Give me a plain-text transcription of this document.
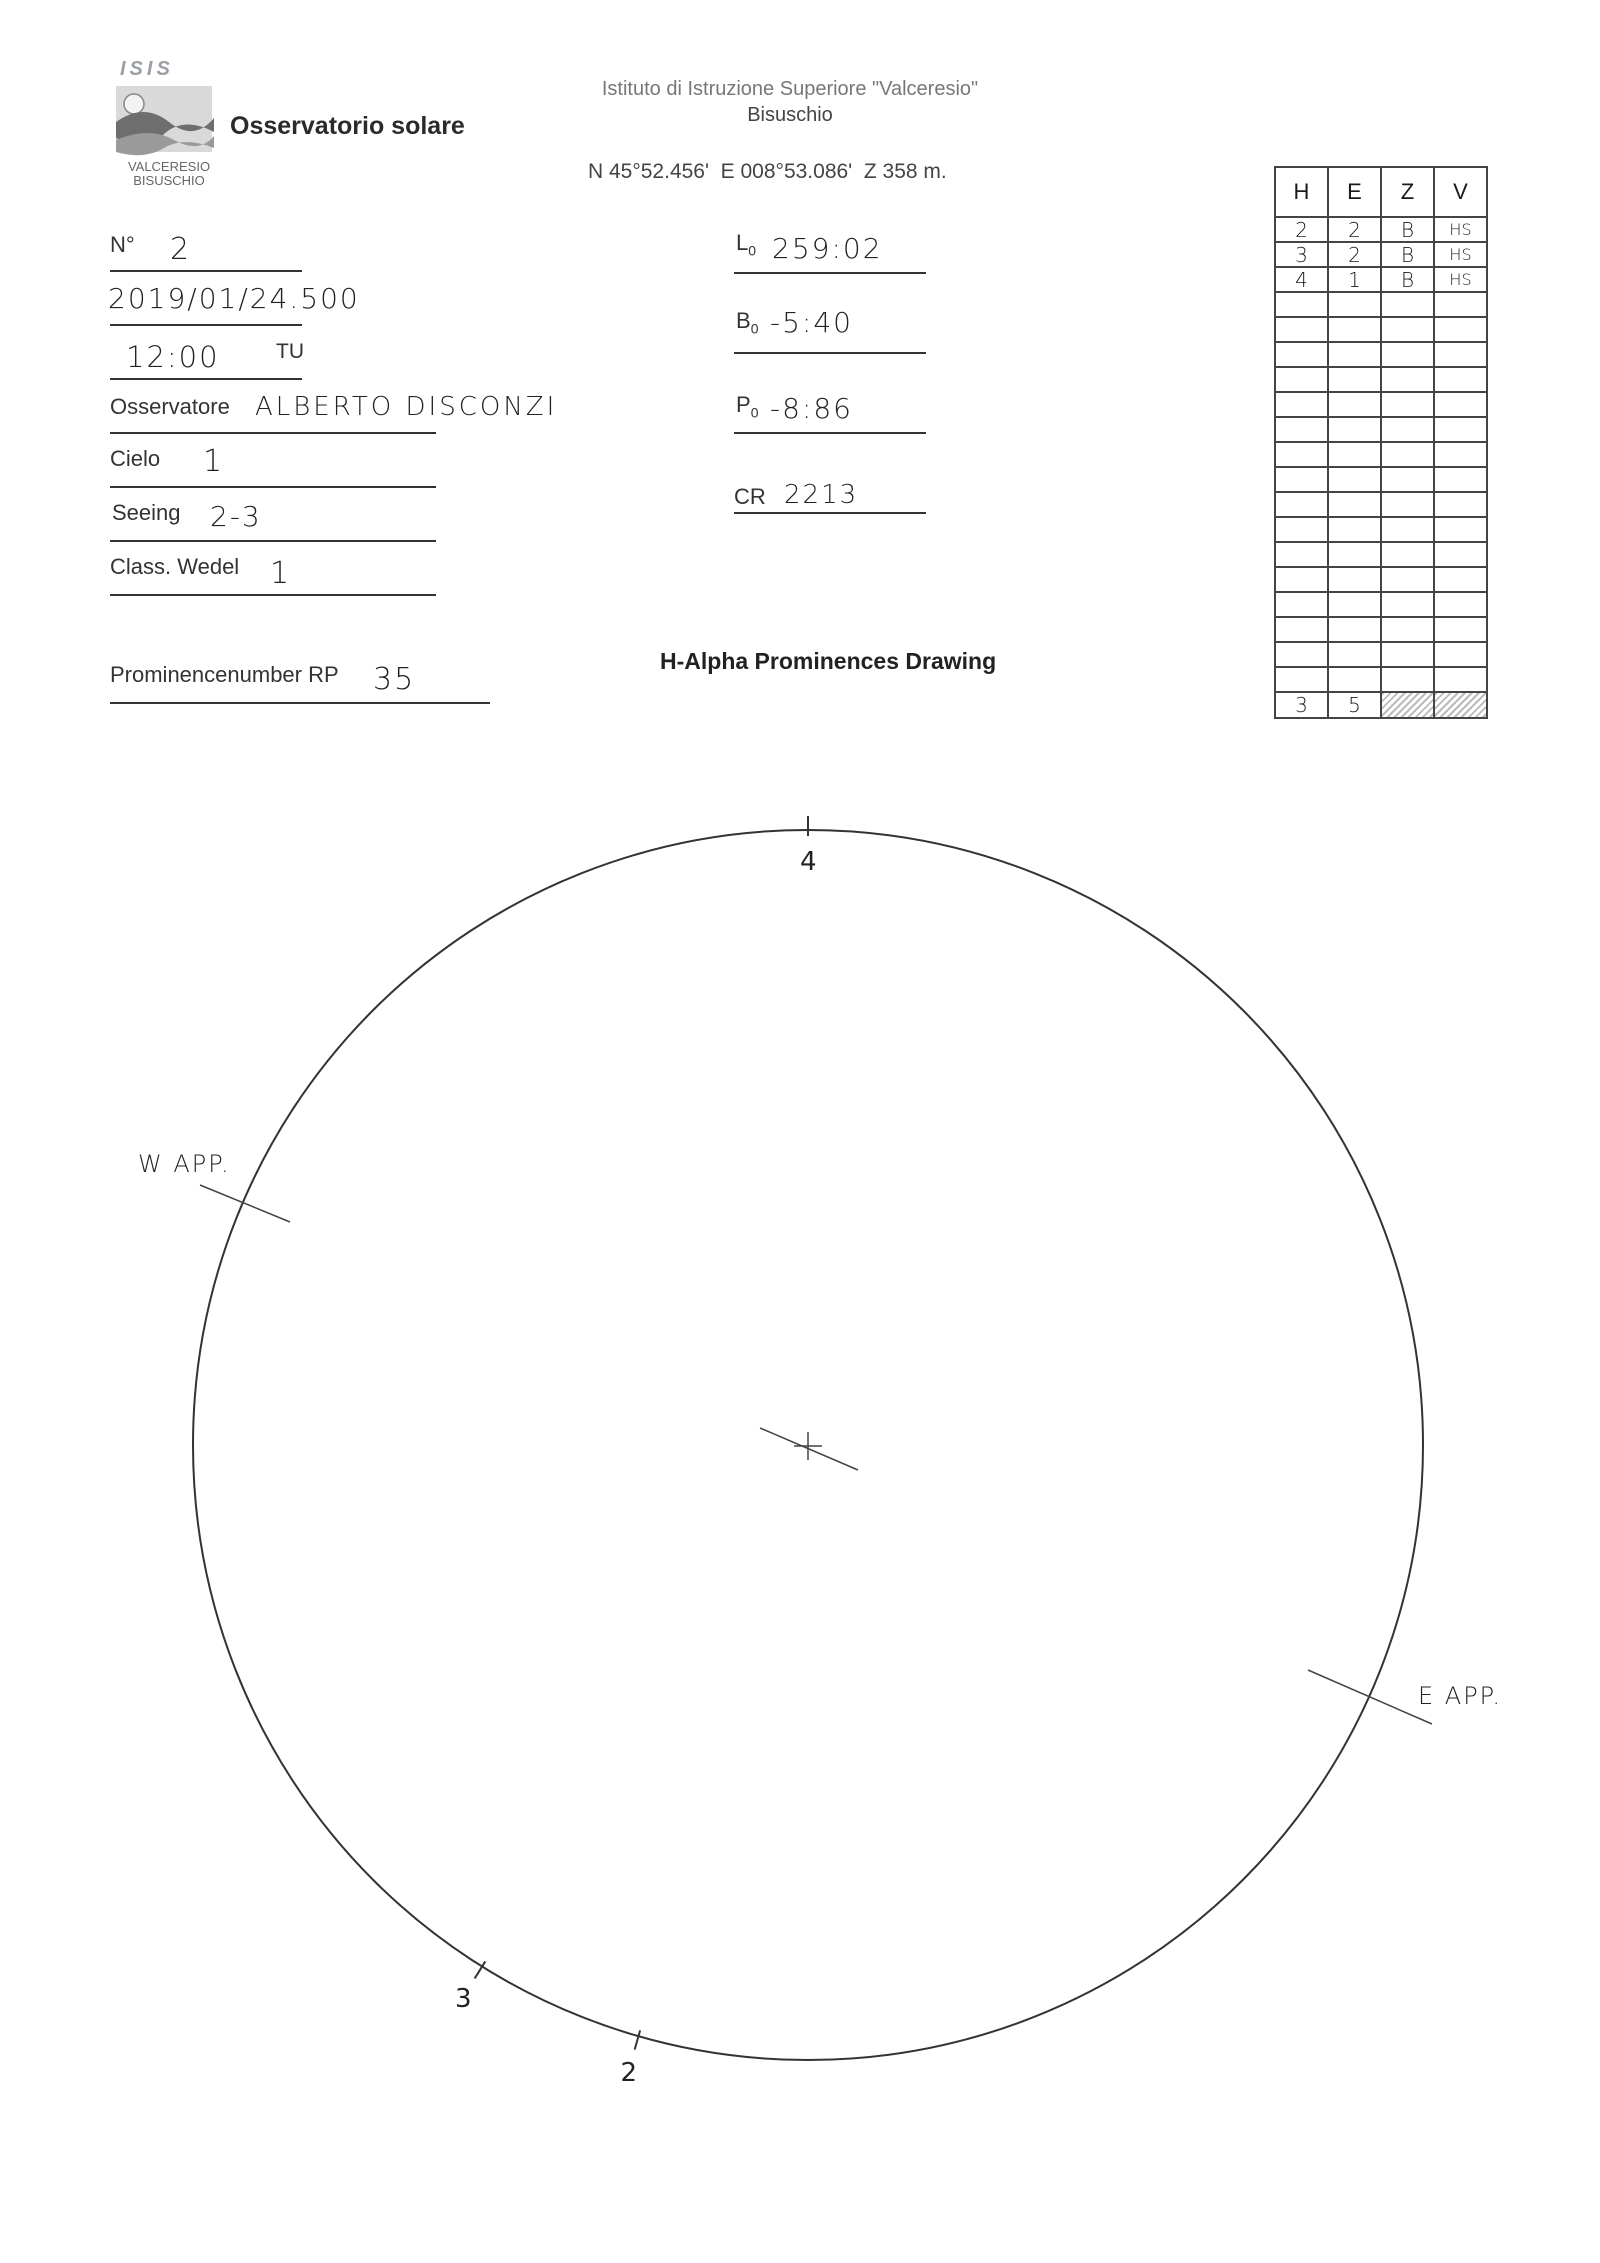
ISIS
VALCERESIO
BISUSCHIO
Osservatorio solare
Istituto di Istruzione Superiore "Valceresio"
Bisuschio
N 45°52.456'  E 008°53.086'  Z 358 m.
N° 2
2019/01/24.500
12:00	TU
Osservatore ALBERTO DISCONZI
Cielo 1
Seeing 2-3
Class. Wedel 1
Prominencenumber RP 35
$L_0$ 259:02
$B_0$ -5:40
$P_0$ -8:86
CR 2213
H-Alpha Prominences Drawing
H	E	Z	V
2	2	B	HS
3	2	B	HS
4	1	B	HS

3	5		
W APP.
E APP.
4
3
2
